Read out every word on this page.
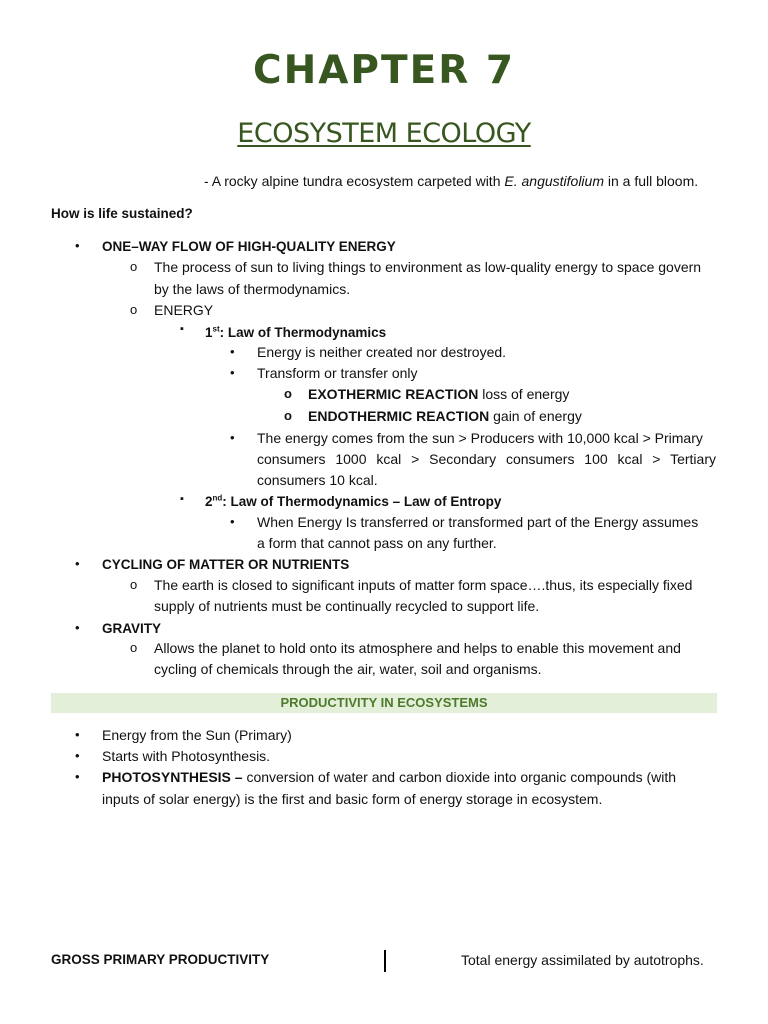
CHAPTER 7
ECOSYSTEM ECOLOGY
- A rocky alpine tundra ecosystem carpeted with E. angustifolium in a full bloom.
How is life sustained?
• ONE–WAY FLOW OF HIGH-QUALITY ENERGY
o The process of sun to living things to environment as low-quality energy to space govern
by the laws of thermodynamics.
o ENERGY
▪ 1st: Law of Thermodynamics
• Energy is neither created nor destroyed.
• Transform or transfer only
o EXOTHERMIC REACTION loss of energy
o ENDOTHERMIC REACTION gain of energy
• The energy comes from the sun > Producers with 10,000 kcal > Primary
consumers 1000 kcal > Secondary consumers 100 kcal > Tertiary
consumers 10 kcal.
▪ 2nd: Law of Thermodynamics – Law of Entropy
• When Energy Is transferred or transformed part of the Energy assumes
a form that cannot pass on any further.
• CYCLING OF MATTER OR NUTRIENTS
o The earth is closed to significant inputs of matter form space….thus, its especially fixed
supply of nutrients must be continually recycled to support life.
• GRAVITY
o Allows the planet to hold onto its atmosphere and helps to enable this movement and
cycling of chemicals through the air, water, soil and organisms.
PRODUCTIVITY IN ECOSYSTEMS
• Energy from the Sun (Primary)
• Starts with Photosynthesis.
• PHOTOSYNTHESIS – conversion of water and carbon dioxide into organic compounds (with
inputs of solar energy) is the first and basic form of energy storage in ecosystem.
GROSS PRIMARY PRODUCTIVITY	Total energy assimilated by autotrophs.
